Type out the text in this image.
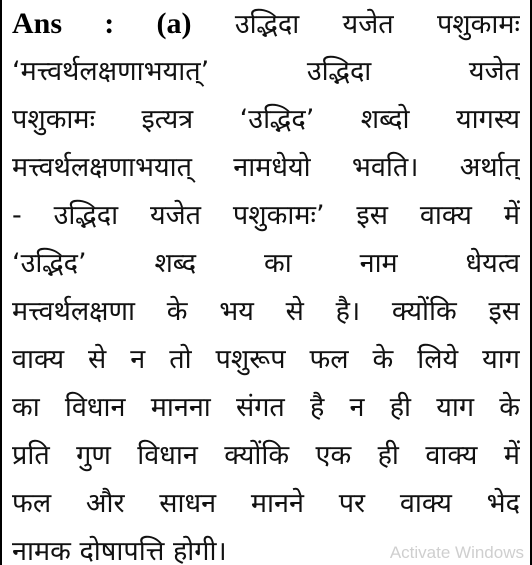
Ans : (a) उद्भिदा यजेत पशुकामः
‘मत्त्वर्थलक्षणाभयात्’ उद्भिदा यजेत
पशुकामः इत्यत्र ‘उद्भिद’ शब्दो यागस्य
मत्त्वर्थलक्षणाभयात् नामधेयो भवति। अर्थात्
- उद्भिदा यजेत पशुकामः’ इस वाक्य में
‘उद्भिद’ शब्द का नाम धेयत्व
मत्त्वर्थलक्षणा के भय से है। क्योंकि इस
वाक्य से न तो पशुरूप फल के लिये याग
का विधान मानना संगत है न ही याग के
प्रति गुण विधान क्योंकि एक ही वाक्य में
फल और साधन मानने पर वाक्य भेद
नामक दोषापत्ति होगी।	Activate Windows
